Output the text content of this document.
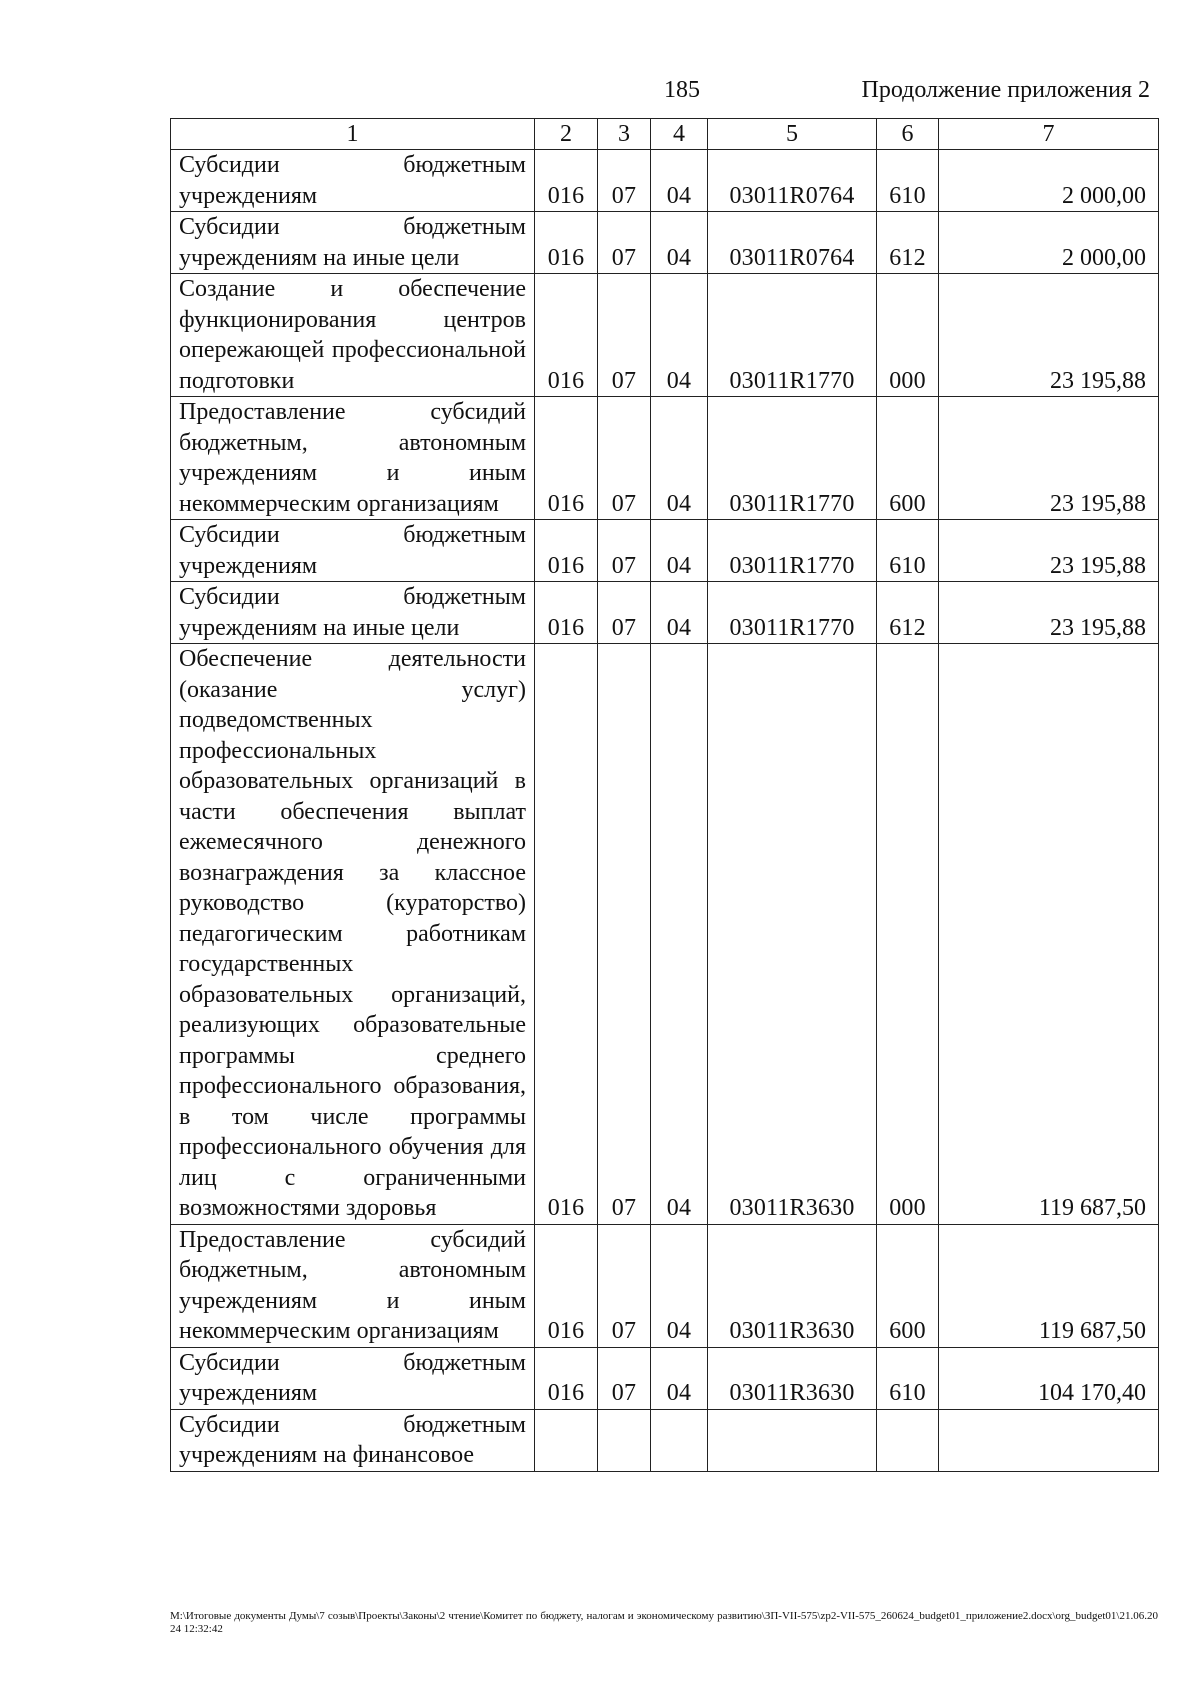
185	Продолжение приложения 2
1	2	3	4	5	6	7
Субсидии бюджетным учреждениям	016	07	04	03011R0764	610	2 000,00
Субсидии бюджетным учреждениям на иные цели	016	07	04	03011R0764	612	2 000,00
Создание и обеспечение функционирования центров опережающей профессиональной подготовки	016	07	04	03011R1770	000	23 195,88
Предоставление субсидий бюджетным, автономным учреждениям и иным некоммерческим организациям	016	07	04	03011R1770	600	23 195,88
Субсидии бюджетным учреждениям	016	07	04	03011R1770	610	23 195,88
Субсидии бюджетным учреждениям на иные цели	016	07	04	03011R1770	612	23 195,88
Обеспечение деятельности (оказание услуг) подведомственных профессиональных образовательных организаций в части обеспечения выплат ежемесячного денежного вознаграждения за классное руководство (кураторство) педагогическим работникам государственных образовательных организаций, реализующих образовательные программы среднего профессионального образования, в том числе программы профессионального обучения для лиц с ограниченными возможностями здоровья	016	07	04	03011R3630	000	119 687,50
Предоставление субсидий бюджетным, автономным учреждениям и иным некоммерческим организациям	016	07	04	03011R3630	600	119 687,50
Субсидии бюджетным учреждениям	016	07	04	03011R3630	610	104 170,40
Субсидии бюджетным учреждениям на финансовое						
M:\Итоговые документы Думы\7 созыв\Проекты\Законы\2 чтение\Комитет по бюджету, налогам и экономическому развитию\ЗП-VII-575\zp2-VII-575_260624_budget01_приложение2.docx\org_budget01\21.06.2024 12:32:42
